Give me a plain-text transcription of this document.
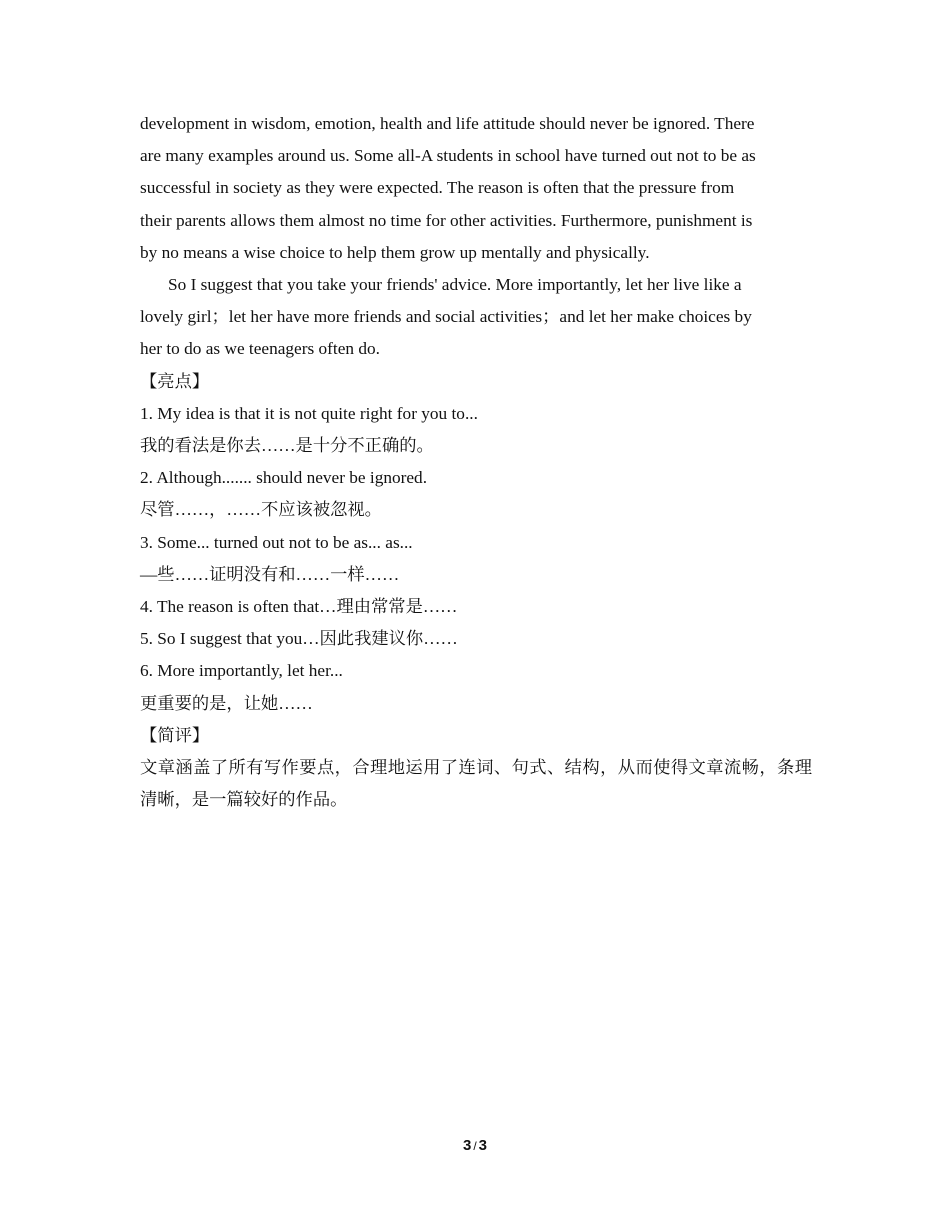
development in wisdom, emotion, health and life attitude should never be ignored. There

are many examples around us. Some all-A students in school have turned out not to be as

successful in society as they were expected. The reason is often that the pressure from

their parents allows them almost no time for other activities. Furthermore, punishment is

by no means a wise choice to help them grow up mentally and physically.

So I suggest that you take your friends' advice. More importantly, let her live like a

lovely girl；let her have more friends and social activities；and let her make choices by

her to do as we teenagers often do.

【亮点】

1. My idea is that it is not quite right for you to...

我的看法是你去……是十分不正确的。

2. Although....... should never be ignored.

尽管……，……不应该被忽视。

3. Some... turned out not to be as... as...

—些……证明没有和……一样……

4. The reason is often that…理由常常是……

5. So I suggest that you…因此我建议你……

6. More importantly, let her...

更重要的是，让她……

【简评】

文章涵盖了所有写作要点，合理地运用了连词、句式、结构，从而使得文章流畅，条理清晰，是一篇较好的作品。

3 / 3
